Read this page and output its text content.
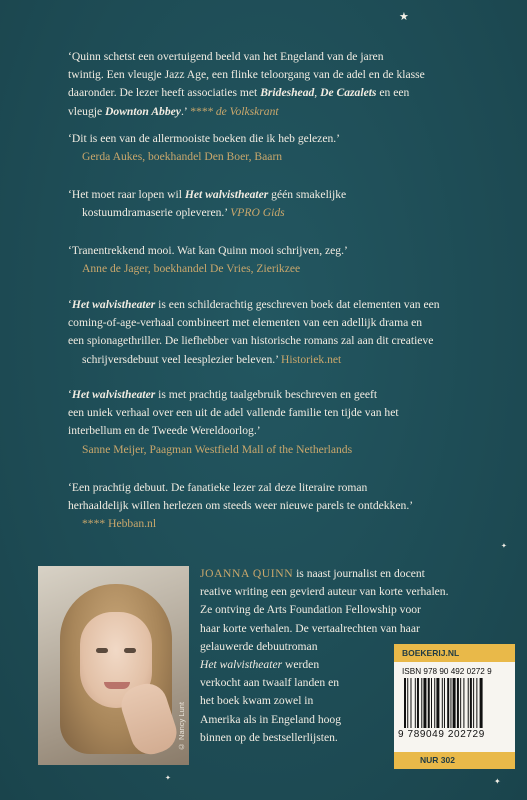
★
✦
✦	✦

‘Quinn schetst een overtuigend beeld van het Engeland van de jaren

twintig. Een vleugje Jazz Age, een flinke teloorgang van de adel en de klasse

daaronder. De lezer heeft associaties met Brideshead, De Cazalets en een

vleugje Downton Abbey.’ **** de Volkskrant

‘Dit is een van de allermooiste boeken die ik heb gelezen.’

Gerda Aukes, boekhandel Den Boer, Baarn

‘Het moet raar lopen wil Het walvistheater géén smakelijke

kostuumdramaserie opleveren.’ VPRO Gids

‘Tranentrekkend mooi. Wat kan Quinn mooi schrijven, zeg.’

Anne de Jager, boekhandel De Vries, Zierikzee

‘Het walvistheater is een schilderachtig geschreven boek dat elementen van een

coming-of-age-verhaal combineert met elementen van een adellijk drama en

een spionagethriller. De liefhebber van historische romans zal aan dit creatieve

schrijversdebuut veel leesplezier beleven.’ Historiek.net

‘Het walvistheater is met prachtig taalgebruik beschreven en geeft

een uniek verhaal over een uit de adel vallende familie ten tijde van het

interbellum en de Tweede Wereldoorlog.’

Sanne Meijer, Paagman Westfield Mall of the Netherlands

‘Een prachtig debuut. De fanatieke lezer zal deze literaire roman

herhaaldelijk willen herlezen om steeds weer nieuwe parels te ontdekken.’

**** Hebban.nl

© Nancy Lunt
JOANNA QUINN is naast journalist en docent
reative writing een gevierd auteur van korte verhalen.
Ze ontving de Arts Foundation Fellowship voor
haar korte verhalen. De vertaalrechten van haar
gelauwerde debuutroman
Het walvistheater werden
verkocht aan twaalf landen en
het boek kwam zowel in
Amerika als in Engeland hoog
binnen op de bestsellerlijsten.
BOEKERIJ.NL
ISBN 978 90 492 0272 9
9 789049 202729
NUR 302
